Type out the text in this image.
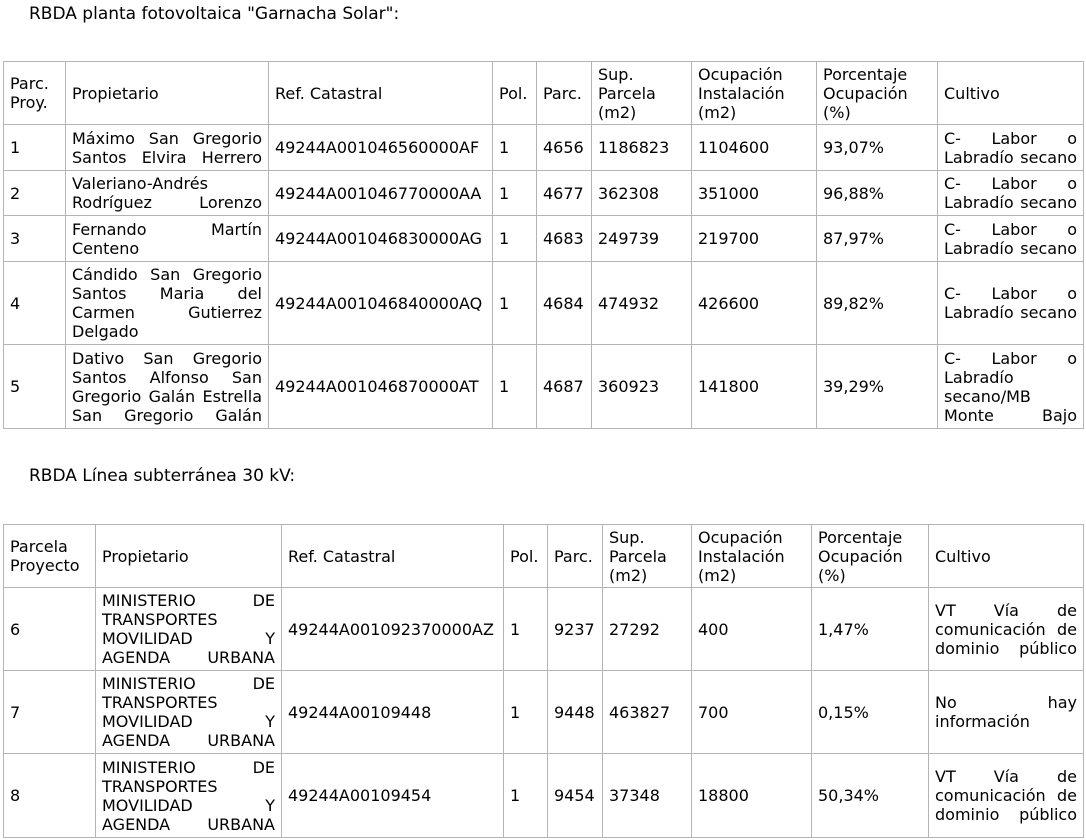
RBDA planta fotovoltaica "Garnacha Solar":
Parc.
Proy.	Propietario	Ref. Catastral	Pol.	Parc.	Sup.
Parcela
(m2)	Ocupación
Instalación
(m2)	Porcentaje
Ocupación
(%)	Cultivo
1	Máximo San Gregorio
Santos Elvira Herrero	49244A001046560000AF	1	4656	1186823	1104600	93,07%	C- Labor o
Labradío secano
2	Valeriano-Andrés
Rodríguez Lorenzo	49244A001046770000AA	1	4677	362308	351000	96,88%	C- Labor o
Labradío secano
3	Fernando Martín
Centeno	49244A001046830000AG	1	4683	249739	219700	87,97%	C- Labor o
Labradío secano
4	Cándido San Gregorio
Santos Maria del
Carmen Gutierrez
Delgado	49244A001046840000AQ	1	4684	474932	426600	89,82%	C- Labor o
Labradío secano
5	Dativo San Gregorio
Santos Alfonso San
Gregorio Galán Estrella
San Gregorio Galán	49244A001046870000AT	1	4687	360923	141800	39,29%	C- Labor o
Labradío
secano/MB
Monte Bajo
RBDA Línea subterránea 30 kV:
Parcela
Proyecto	Propietario	Ref. Catastral	Pol.	Parc.	Sup.
Parcela
(m2)	Ocupación
Instalación
(m2)	Porcentaje
Ocupación
(%)	Cultivo
6	MINISTERIO DE
TRANSPORTES
MOVILIDAD Y
AGENDA URBANA	49244A001092370000AZ	1	9237	27292	400	1,47%	VT Vía de
comunicación de
dominio público
7	MINISTERIO DE
TRANSPORTES
MOVILIDAD Y
AGENDA URBANA	49244A00109448	1	9448	463827	700	0,15%	No hay
información
8	MINISTERIO DE
TRANSPORTES
MOVILIDAD Y
AGENDA URBANA	49244A00109454	1	9454	37348	18800	50,34%	VT Vía de
comunicación de
dominio público
